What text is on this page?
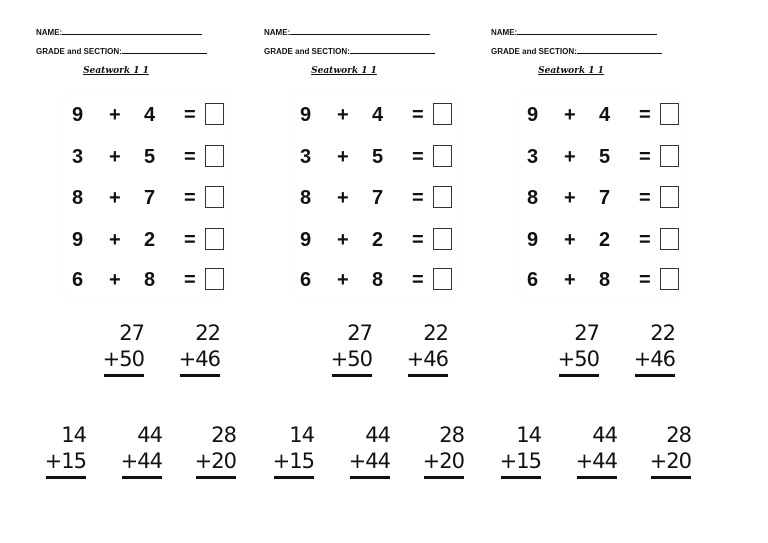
NAME:
GRADE and SECTION:
Seatwork 1 1
9 + 4 =
3 + 5 =
8 + 7 =
9 + 2 =
6 + 8 =
27
+50
22
+46
14
+15
44
+44
28
+20
NAME:
GRADE and SECTION:
Seatwork 1 1
9 + 4 =
3 + 5 =
8 + 7 =
9 + 2 =
6 + 8 =
27
+50
22
+46
14
+15
44
+44
28
+20
NAME:
GRADE and SECTION:
Seatwork 1 1
9 + 4 =
3 + 5 =
8 + 7 =
9 + 2 =
6 + 8 =
27
+50
22
+46
14
+15
44
+44
28
+20
